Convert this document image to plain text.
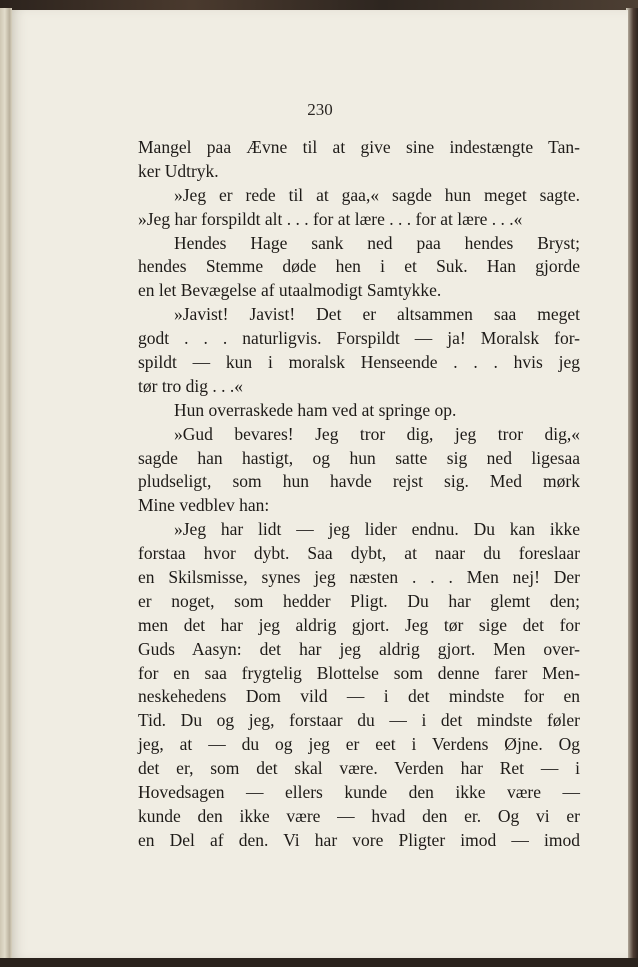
230
Mangel paa Ævne til at give sine indestængte Tan-
ker Udtryk.
»Jeg er rede til at gaa,« sagde hun meget sagte.
»Jeg har forspildt alt . . . for at lære . . . for at lære . . .«
Hendes Hage sank ned paa hendes Bryst;
hendes Stemme døde hen i et Suk. Han gjorde
en let Bevægelse af utaalmodigt Samtykke.
»Javist! Javist! Det er altsammen saa meget
godt . . . naturligvis. Forspildt — ja! Moralsk for-
spildt — kun i moralsk Henseende . . . hvis jeg
tør tro dig . . .«
Hun overraskede ham ved at springe op.
»Gud bevares! Jeg tror dig, jeg tror dig,«
sagde han hastigt, og hun satte sig ned ligesaa
pludseligt, som hun havde rejst sig. Med mørk
Mine vedblev han:
»Jeg har lidt — jeg lider endnu. Du kan ikke
forstaa hvor dybt. Saa dybt, at naar du foreslaar
en Skilsmisse, synes jeg næsten . . . Men nej! Der
er noget, som hedder Pligt. Du har glemt den;
men det har jeg aldrig gjort. Jeg tør sige det for
Guds Aasyn: det har jeg aldrig gjort. Men over-
for en saa frygtelig Blottelse som denne farer Men-
neskehedens Dom vild — i det mindste for en
Tid. Du og jeg, forstaar du — i det mindste føler
jeg, at — du og jeg er eet i Verdens Øjne. Og
det er, som det skal være. Verden har Ret — i
Hovedsagen — ellers kunde den ikke være —
kunde den ikke være — hvad den er. Og vi er
en Del af den. Vi har vore Pligter imod — imod
